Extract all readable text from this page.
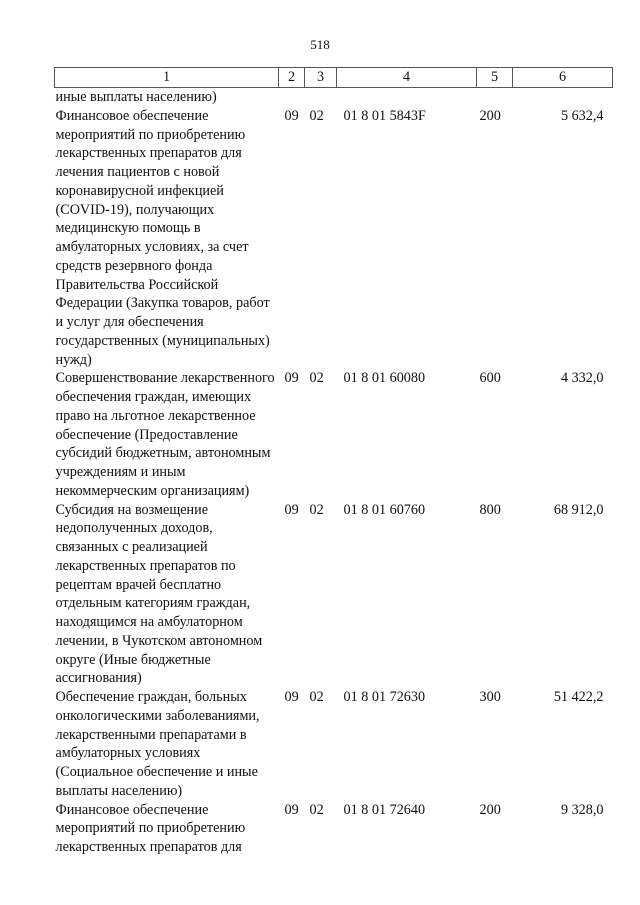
518
1	2	3	4	5	6
иные выплаты населению)					
Финансовое обеспечение мероприятий по приобретению лекарственных препаратов для лечения пациентов с новой коронавирусной инфекцией (COVID-19), получающих медицинскую помощь в амбулаторных условиях, за счет средств резервного фонда Правительства Российской Федерации (Закупка товаров, работ и услуг для обеспечения государственных (муниципальных) нужд)	09	02	01 8 01 5843F	200	5 632,4
Совершенствование лекарственного обеспечения граждан, имеющих право на льготное лекарственное обеспечение (Предоставление субсидий бюджетным, автономным учреждениям и иным некоммерческим организациям)	09	02	01 8 01 60080	600	4 332,0
Субсидия на возмещение недополученных доходов, связанных с реализацией лекарственных препаратов по рецептам врачей бесплатно отдельным категориям граждан, находящимся на амбулаторном лечении, в Чукотском автономном округе (Иные бюджетные ассигнования)	09	02	01 8 01 60760	800	68 912,0
Обеспечение граждан, больных онкологическими заболеваниями, лекарственными препаратами в амбулаторных условиях (Социальное обеспечение и иные выплаты населению)	09	02	01 8 01 72630	300	51 422,2
Финансовое обеспечение мероприятий по приобретению лекарственных препаратов для	09	02	01 8 01 72640	200	9 328,0
